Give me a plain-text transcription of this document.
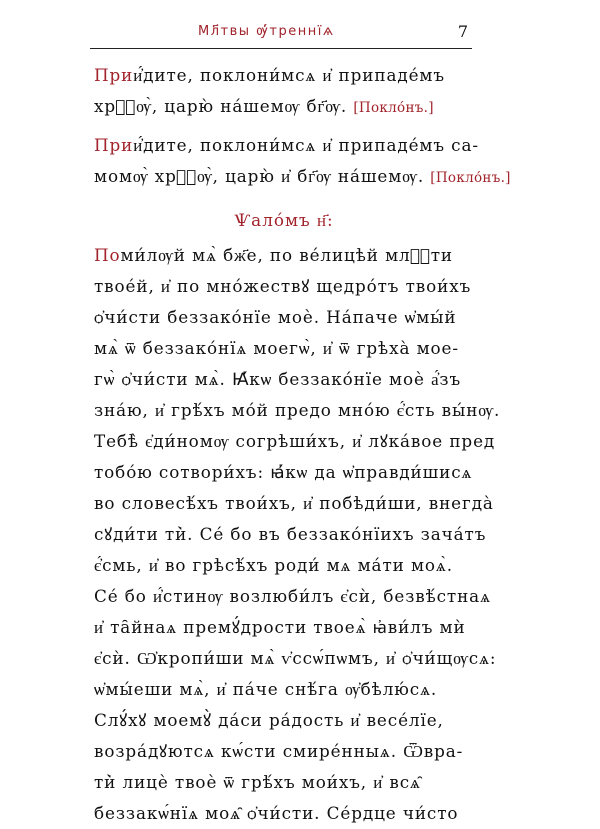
Мл҃твы ѹ҆́треннїѧ	7
Прии҆́дите, поклони́мсѧ и҆ припаде́мъ
хрⷭ҇ѹ̀, царю̀ на́шемѹ бг҃ѹ. [Покло́нъ.]
Прии҆́дите, поклони́мсѧ и҆ припаде́мъ са-
момѹ̀ хрⷭ҇ѹ̀, царю̀ и҆ бг҃ѹ на́шемѹ. [Покло́нъ.]
Ѱало́мъ н҃:
Поми́лѹй мѧ̀ бж҃е, по ве́лицѣй млⷭ҇ти
твое́й, и҆ по мно́жествꙋ щедро́тъ твои́хъ
ѻ҆чи́сти беззако́нїе моѐ. На́паче ѡ҆мы́й
мѧ̀ ѿ беззако́нїѧ моегѡ̀, и҆ ѿ грѣха̀ мое-
гѡ̀ ѻ҆чи́сти мѧ̀. Ꙗ҆́кѡ беззако́нїе моѐ а҆́зъ
зна́ю, и҆ грѣ́хъ мо́й предо мно́ю є҆́сть вы́нѹ.
Тебѣ̀ є҆ди́номѹ согрѣши́хъ, и҆ лꙋка́вое пред
тобо́ю сотвори́хъ: ꙗ҆́кѡ да ѡ҆правди́шисѧ
во словесѣ́хъ твои́хъ, и҆ побѣди́ши, внегда̀
сꙋди́ти ти̇̀. Се́ бо въ беззако́нїихъ зача́тъ
є҆́смь, и҆ во грѣсѣ́хъ роди́ мѧ ма́ти моѧ̀.
Се́ бо и҆́стинѹ возлюби́лъ є҆сѝ, безвѣ́стнаѧ
и҆ та̑йнаѧ премꙋ́дрости твоеѧ̀ ꙗ҆ви́лъ мѝ
є҆сѝ. Ѡ҆кропи́ши мѧ̀ ѵ҆ссѡ́пѡмъ, и҆ ѻ҆чи́щѹсѧ:
ѡ҆мы́еши мѧ̀, и҆ па́че снѣ́га ѹ҆бѣлю́сѧ.
Слꙋ́хꙋ моемꙋ̀ да́си ра́дость и҆ весе́лїе,
возра́дꙋютсѧ кѡ́сти смире́нныѧ. Ѿвра-
ти̇̀ лицѐ твоѐ ѿ грѣ́хъ мои́хъ, и҆ всѧ̑
беззакѡ́нїѧ моѧ̑ ѻ҆чи́сти. Се́рдце чи́сто
